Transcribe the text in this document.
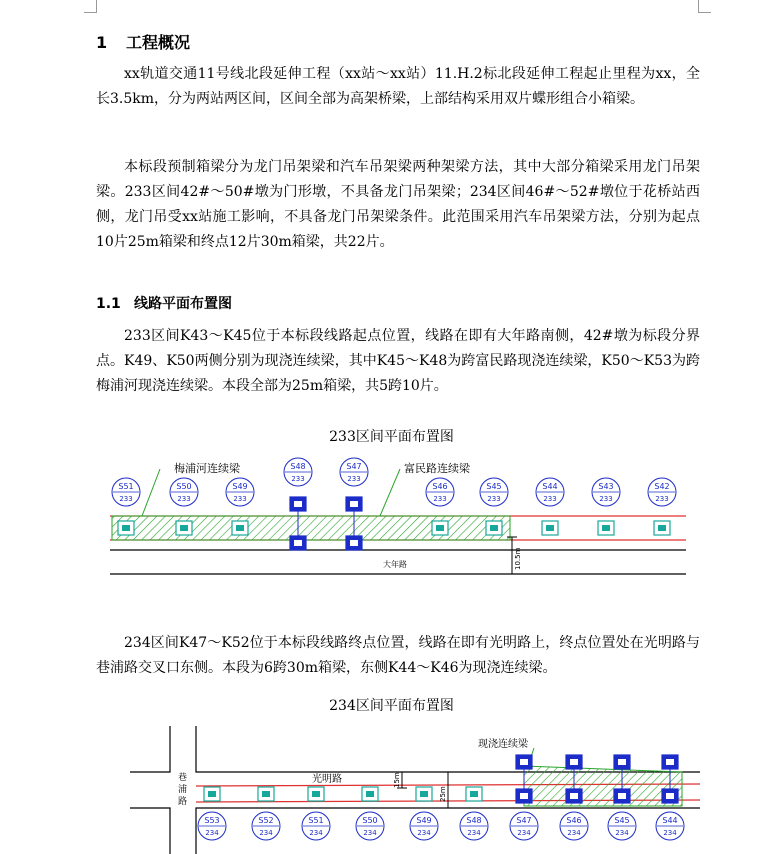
1 工程概况
xx轨道交通11号线北段延伸工程（xx站～xx站）11.H.2标北段延伸工程起止里程为xx，全长3.5km，分为两站两区间，区间全部为高架桥梁，上部结构采用双片蝶形组合小箱梁。
本标段预制箱梁分为龙门吊架梁和汽车吊架梁两种架梁方法，其中大部分箱梁采用龙门吊架梁。233区间42#～50#墩为门形墩，不具备龙门吊架梁；234区间46#～52#墩位于花桥站西侧，龙门吊受xx站施工影响，不具备龙门吊架梁条件。此范围采用汽车吊架梁方法，分别为起点10片25m箱梁和终点12片30m箱梁，共22片。
1.1 线路平面布置图
233区间K43～K45位于本标段线路起点位置，线路在即有大年路南侧，42#墩为标段分界点。K49、K50两侧分别为现浇连续梁，其中K45～K48为跨富民路现浇连续梁，K50～K53为跨梅浦河现浇连续梁。本段全部为25m箱梁，共5跨10片。
233区间平面布置图
梅浦河连续梁	富民路连续梁
10.5m
大年路
S51
233
S50
233
S49
233
S48
233
S47
233
S46
233
S45
233
S44
233
S43
233
S42
233
234区间K47～K52位于本标段线路终点位置，线路在即有光明路上，终点位置处在光明路与巷浦路交叉口东侧。本段为6跨30m箱梁，东侧K44～K46为现浇连续梁。
234区间平面布置图
现浇连续梁
光明路
巷
浦
路
15m
25m
S53
234
S52
234
S51
234
S50
234
S49
234
S48
234
S47
234
S46
234
S45
234
S44
234
